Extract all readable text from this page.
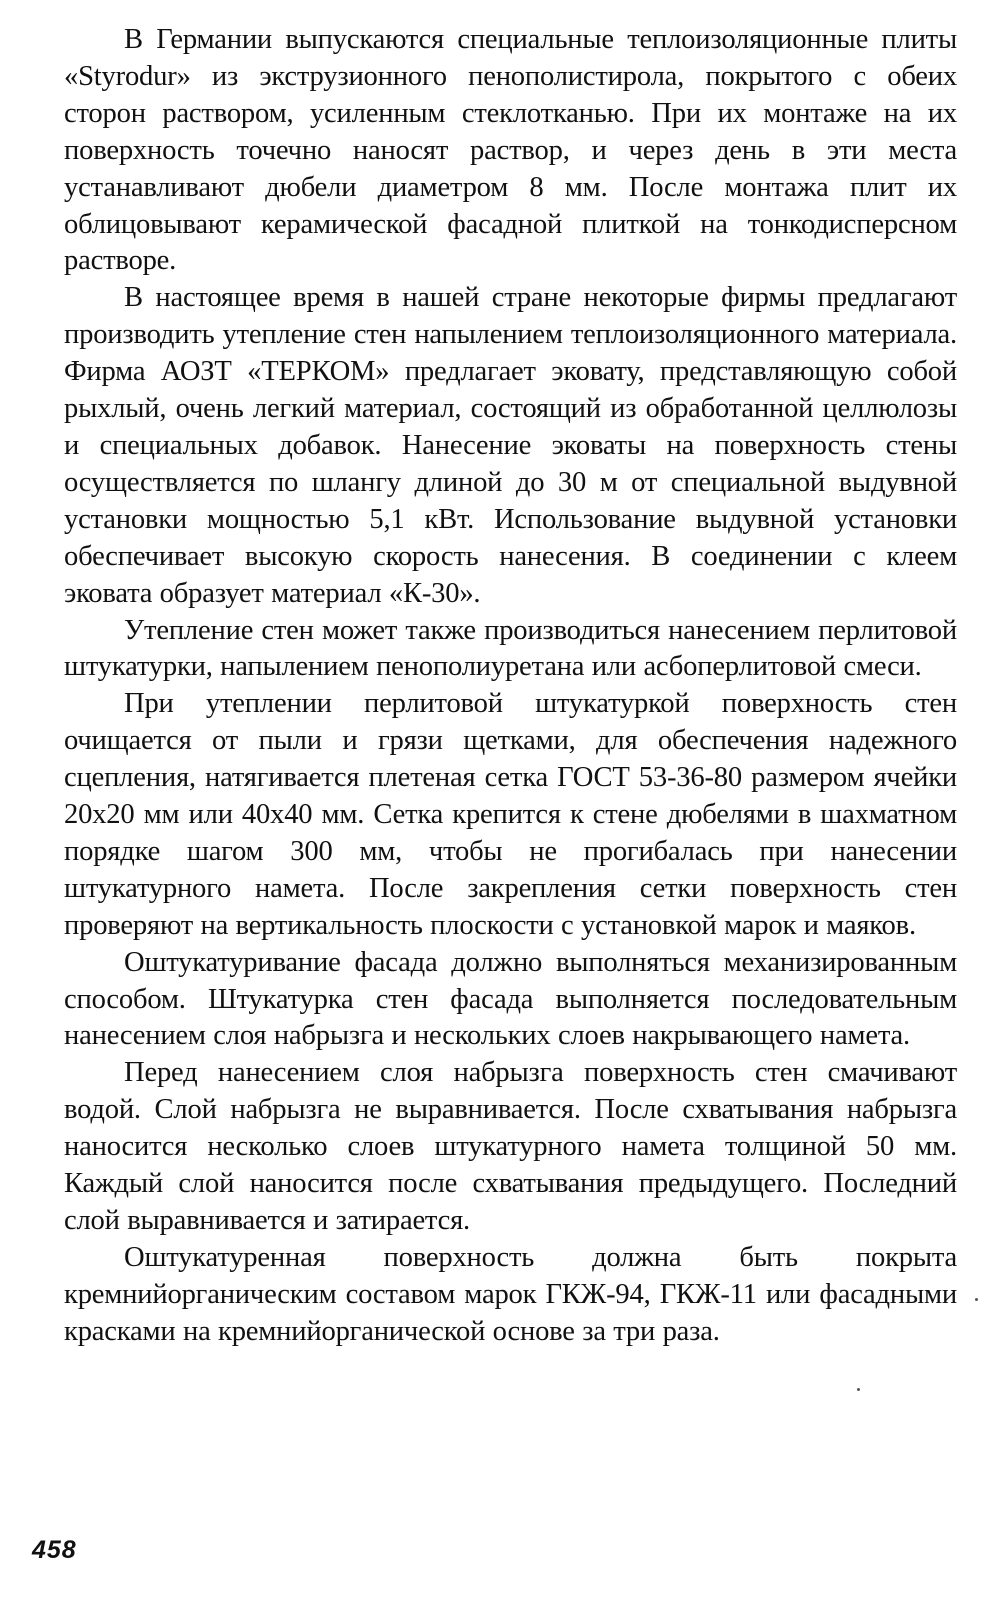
В Германии выпускаются специальные теплоизоляционные плиты «Styrodur» из экструзионного пенополистирола, покрытого с обеих сторон раствором, усиленным стеклотканью. При их монтаже на их поверхность точечно наносят раствор, и через день в эти места устанавливают дюбели диаметром 8 мм. После монтажа плит их облицовывают керамической фасадной плиткой на тонкодисперсном растворе.

В настоящее время в нашей стране некоторые фирмы предлагают производить утепление стен напылением теплоизоляционного материала. Фирма АОЗТ «ТЕРКОМ» предлагает эковату, представляющую собой рыхлый, очень легкий материал, состоящий из обработанной целлюлозы и специальных добавок. Нанесение эковаты на поверхность стены осуществляется по шлангу длиной до 30 м от специальной выдувной установки мощностью 5,1 кВт. Использование выдувной установки обеспечивает высокую скорость нанесения. В соединении с клеем эковата образует материал «К-30».

Утепление стен может также производиться нанесением перлитовой штукатурки, напылением пенополиуретана или асбоперлитовой смеси.

При утеплении перлитовой штукатуркой поверхность стен очищается от пыли и грязи щетками, для обеспечения надежного сцепления, натягивается плетеная сетка ГОСТ 53-36-80 размером ячейки 20х20 мм или 40х40 мм. Сетка крепится к стене дюбелями в шахматном порядке шагом 300 мм, чтобы не прогибалась при нанесении штукатурного намета. После закрепления сетки поверхность стен проверяют на вертикальность плоскости с установкой марок и маяков.

Оштукатуривание фасада должно выполняться механизированным способом. Штукатурка стен фасада выполняется последовательным нанесением слоя набрызга и нескольких слоев накрывающего намета.

Перед нанесением слоя набрызга поверхность стен смачивают водой. Слой набрызга не выравнивается. После схватывания набрызга наносится несколько слоев штукатурного намета толщиной 50 мм. Каждый слой наносится после схватывания предыдущего. Последний слой выравнивается и затирается.

Оштукатуренная поверхность должна быть покрыта кремнийорганическим составом марок ГКЖ-94, ГКЖ-11 или фасадными красками на кремнийорганической основе за три раза.

458
